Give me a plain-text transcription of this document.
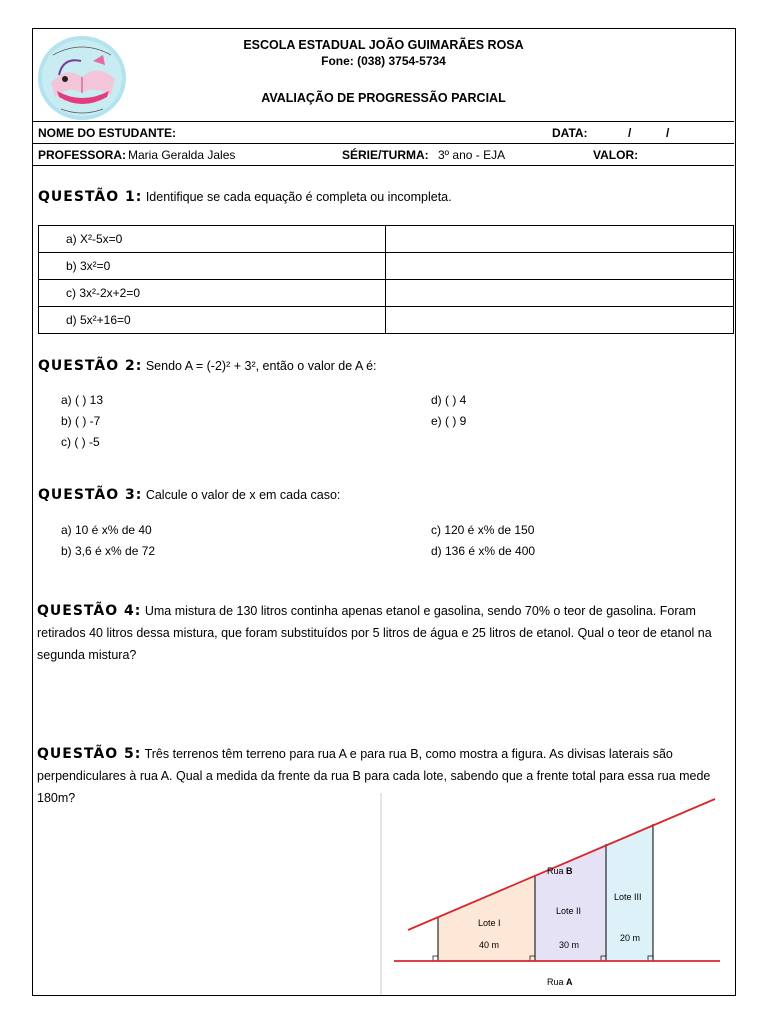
ESCOLA ESTADUAL JOÃO GUIMARÃES ROSA
Fone: (038) 3754-5734
AVALIAÇÃO DE PROGRESSÃO PARCIAL
NOME DO ESTUDANTE:	DATA:	/	/
PROFESSORA: Maria Geralda Jales	SÉRIE/TURMA: 3º ano - EJA	VALOR:
QUESTÃO 1: Identifique se cada equação é completa ou incompleta.
a) X²-5x=0	
b) 3x²=0	
c) 3x²-2x+2=0	
d) 5x²+16=0	
QUESTÃO 2: Sendo A = (-2)² + 3², então o valor de A é:
a) ( ) 13
b) ( ) -7
c) ( ) -5
d) ( ) 4
e) ( ) 9
QUESTÃO 3: Calcule o valor de x em cada caso:
a) 10 é x% de 40
b) 3,6 é x% de 72
c) 120 é x% de 150
d) 136 é x% de 400
QUESTÃO 4: Uma mistura de 130 litros continha apenas etanol e gasolina, sendo 70% o teor de gasolina. Foram retirados 40 litros dessa mistura, que foram substituídos por 5 litros de água e 25 litros de etanol. Qual o teor de etanol na segunda mistura?
QUESTÃO 5: Três terrenos têm terreno para rua A e para rua B, como mostra a figura. As divisas laterais são perpendiculares à rua A. Qual a medida da frente da rua B para cada lote, sabendo que a frente total para essa rua mede 180m?
Rua B
Rua A
Lote I
40 m
Lote II
30 m
Lote III
20 m
